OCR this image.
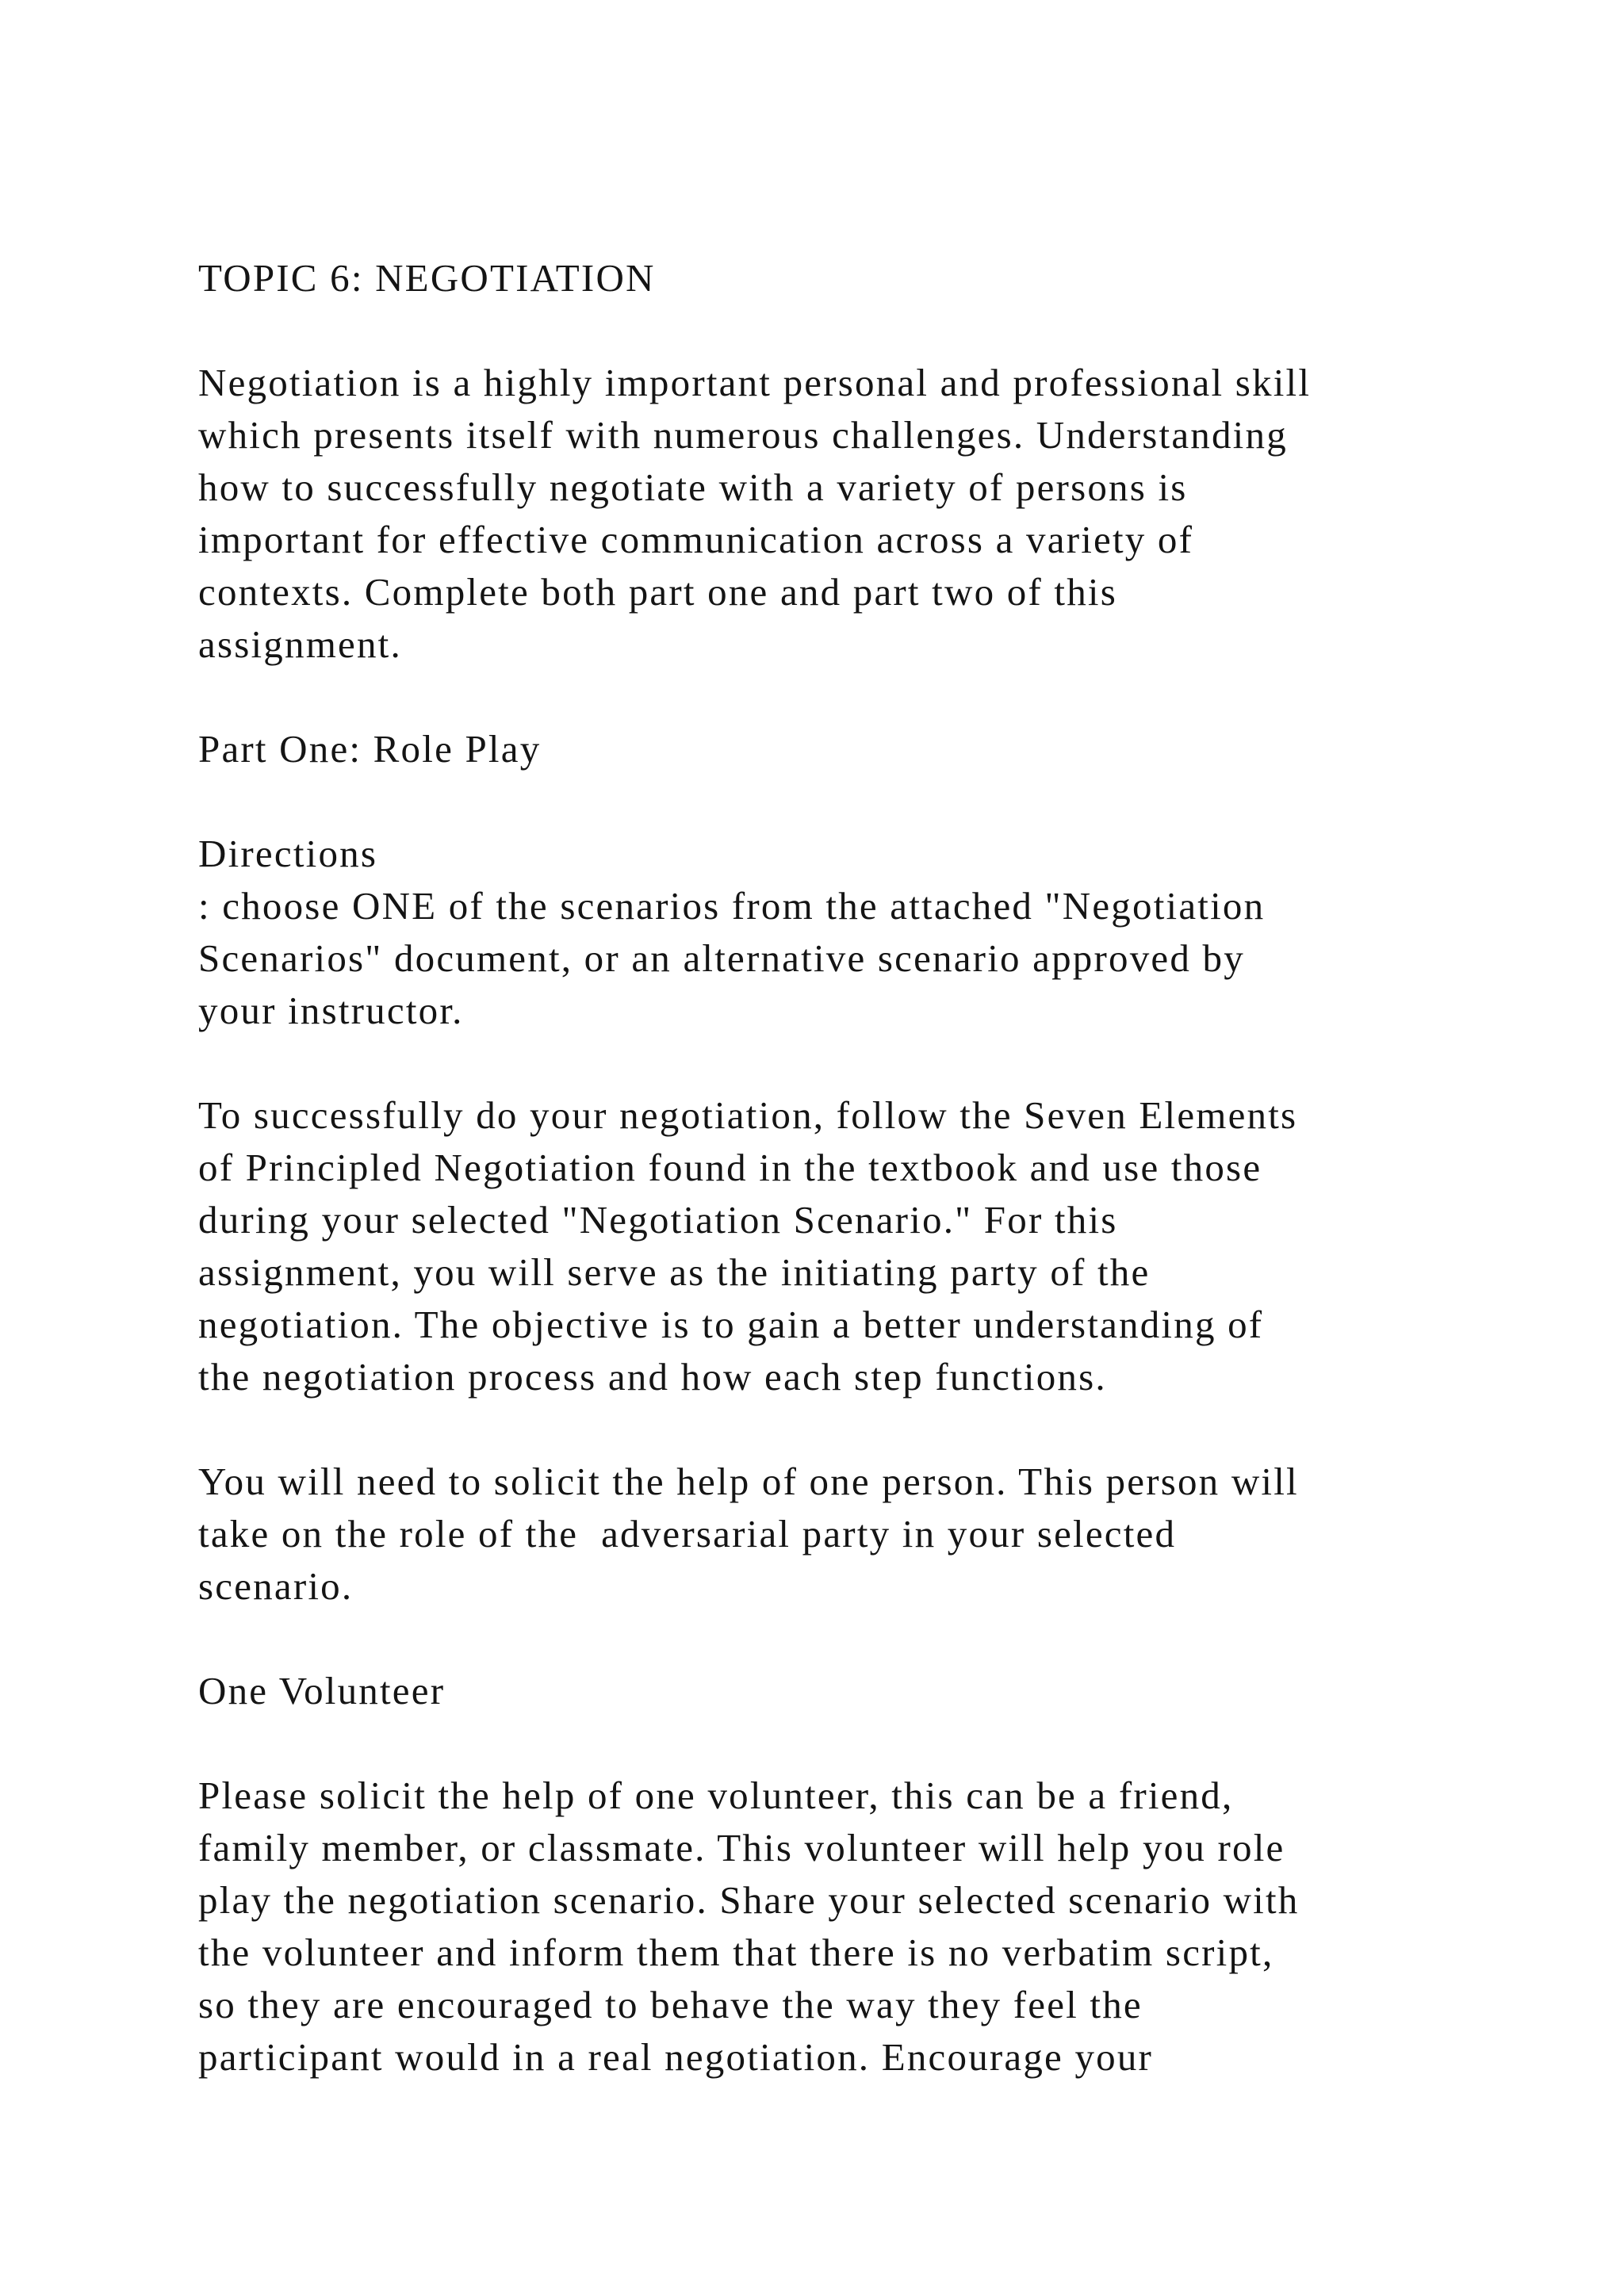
TOPIC 6: NEGOTIATION
Negotiation is a highly important personal and professional skill
which presents itself with numerous challenges. Understanding
how to successfully negotiate with a variety of persons is
important for effective communication across a variety of
contexts. Complete both part one and part two of this
assignment.
Part One: Role Play
Directions
: choose ONE of the scenarios from the attached "Negotiation
Scenarios" document, or an alternative scenario approved by
your instructor.
To successfully do your negotiation, follow the Seven Elements
of Principled Negotiation found in the textbook and use those
during your selected "Negotiation Scenario." For this
assignment, you will serve as the initiating party of the
negotiation. The objective is to gain a better understanding of
the negotiation process and how each step functions.
You will need to solicit the help of one person. This person will
take on the role of the  adversarial party in your selected
scenario.
One Volunteer
Please solicit the help of one volunteer, this can be a friend,
family member, or classmate. This volunteer will help you role
play the negotiation scenario. Share your selected scenario with
the volunteer and inform them that there is no verbatim script,
so they are encouraged to behave the way they feel the
participant would in a real negotiation. Encourage your
